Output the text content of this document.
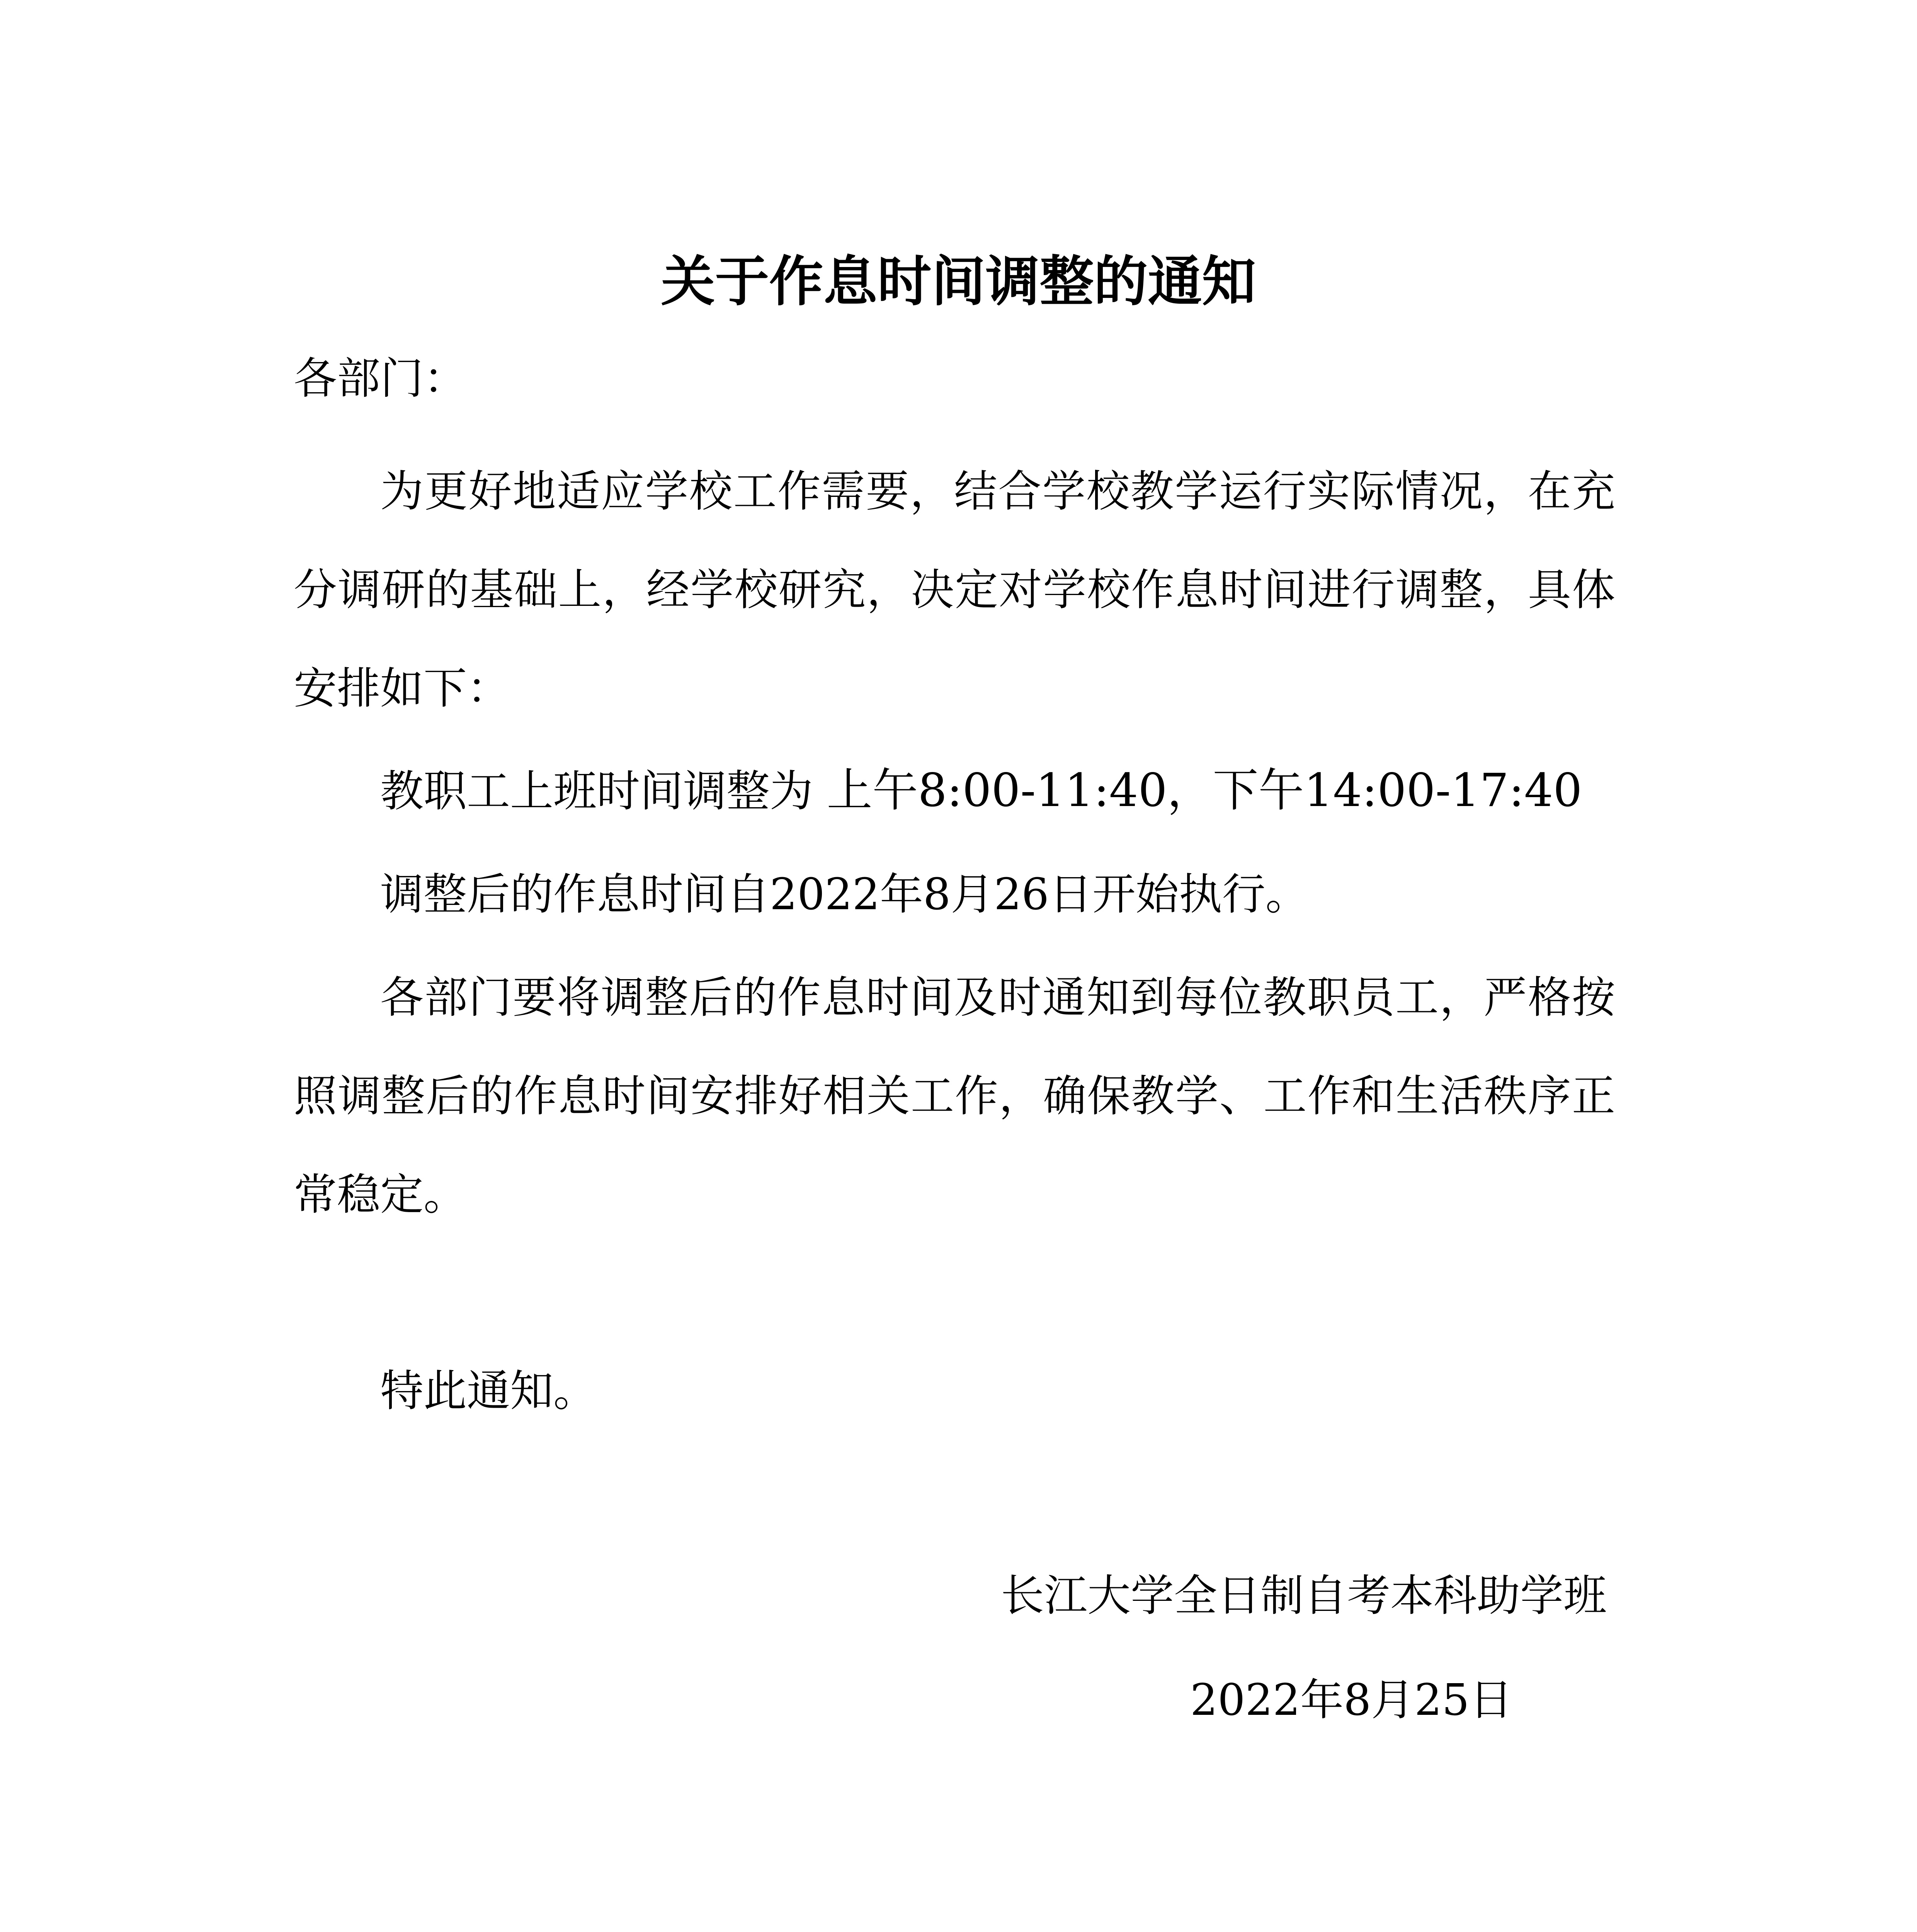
关于作息时间调整的通知
各部门：
为更好地适应学校工作需要，结合学校教学运行实际情况，在充分调研的基础上，经学校研究，决定对学校作息时间进行调整，具体安排如下：
教职工上班时间调整为 上午8:00-11:40，下午14:00-17:40
调整后的作息时间自2022年8月26日开始执行。
各部门要将调整后的作息时间及时通知到每位教职员工，严格按照调整后的作息时间安排好相关工作，确保教学、工作和生活秩序正常稳定。
特此通知。
长江大学全日制自考本科助学班
2022年8月25日
